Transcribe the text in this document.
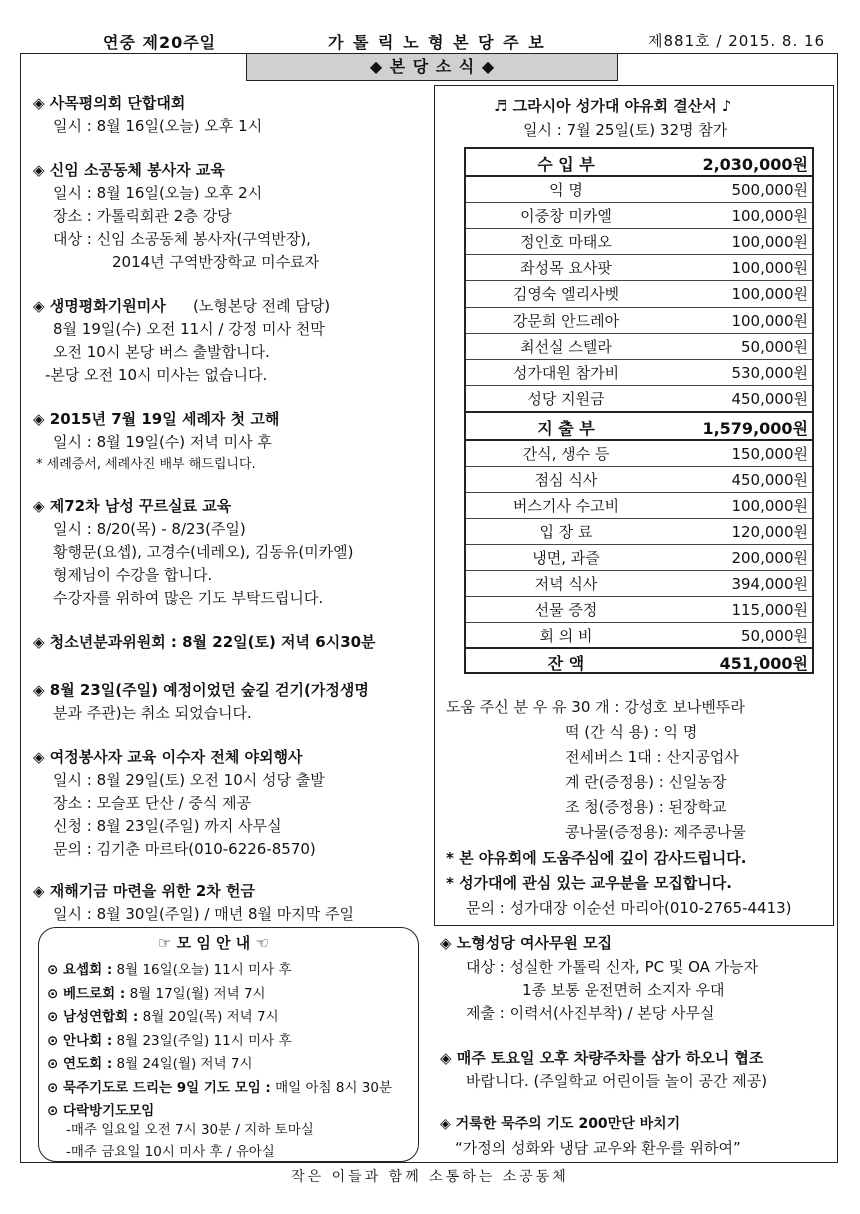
연중 제20주일	가 톨 릭 노 형 본 당 주 보	제881호 / 2015. 8. 16
◆ 본 당 소 식 ◆
◈ 사목평의회 단합대회
일시 : 8월 16일(오늘) 오후 1시
◈ 신임 소공동체 봉사자 교육
일시 : 8월 16일(오늘) 오후 2시
장소 : 가톨릭회관 2층 강당
대상 : 신임 소공동체 봉사자(구역반장),
2014년 구역반장학교 미수료자
◈ 생명평화기원미사 (노형본당 전례 담당)
8월 19일(수) 오전 11시 / 강정 미사 천막
오전 10시 본당 버스 출발합니다.
-본당 오전 10시 미사는 없습니다.
◈ 2015년 7월 19일 세례자 첫 고해
일시 : 8월 19일(수) 저녁 미사 후
* 세례증서, 세례사진 배부 해드립니다.
◈ 제72차 남성 꾸르실료 교육
일시 : 8/20(목) - 8/23(주일)
황행문(요셉), 고경수(네레오), 김동유(미카엘)
형제님이 수강을 합니다.
수강자를 위하여 많은 기도 부탁드립니다.
◈ 청소년분과위원회 : 8월 22일(토) 저녁 6시30분
◈ 8월 23일(주일) 예정이었던 숲길 걷기(가정생명
분과 주관)는 취소 되었습니다.
◈ 여정봉사자 교육 이수자 전체 야외행사
일시 : 8월 29일(토) 오전 10시 성당 출발
장소 : 모슬포 단산 / 중식 제공
신청 : 8월 23일(주일) 까지 사무실
문의 : 김기춘 마르타(010-6226-8570)
◈ 재해기금 마련을 위한 2차 헌금
일시 : 8월 30일(주일) / 매년 8월 마지막 주일
♬ 그라시아 성가대 야유회 결산서 ♪
일시 : 7월 25일(토) 32명 참가
수 입 부	2,030,000원
익 명	500,000원
이중창 미카엘	100,000원
정인호 마태오	100,000원
좌성목 요사팟	100,000원
김영숙 엘리사벳	100,000원
강문희 안드레아	100,000원
최선실 스텔라	50,000원
성가대원 참가비	530,000원
성당 지원금	450,000원
지 출 부	1,579,000원
간식, 생수 등	150,000원
점심 식사	450,000원
버스기사 수고비	100,000원
입 장 료	120,000원
냉면, 과즐	200,000원
저녁 식사	394,000원
선물 증정	115,000원
회 의 비	50,000원
잔 액	451,000원
도움 주신 분 우 유 30 개 : 강성호 보나벤뚜라
떡 (간 식 용) : 익 명
전세버스 1대 : 산지공업사
계 란(증정용) : 신일농장
조 청(증정용) : 된장학교
콩나물(증정용): 제주콩나물
* 본 야유회에 도움주심에 깊이 감사드립니다.
* 성가대에 관심 있는 교우분을 모집합니다.
문의 : 성가대장 이순선 마리아(010-2765-4413)
☞ 모 임 안 내 ☜
⊙ 요셉회 : 8월 16일(오늘) 11시 미사 후
⊙ 베드로회 : 8월 17일(월) 저녁 7시
⊙ 남성연합회 : 8월 20일(목) 저녁 7시
⊙ 안나회 : 8월 23일(주일) 11시 미사 후
⊙ 연도회 : 8월 24일(월) 저녁 7시
⊙ 묵주기도로 드리는 9일 기도 모임 : 매일 아침 8시 30분
⊙ 다락방기도모임
-매주 일요일 오전 7시 30분 / 지하 토마실
-매주 금요일 10시 미사 후 / 유아실
◈ 노형성당 여사무원 모집
대상 : 성실한 가톨릭 신자, PC 및 OA 가능자
1종 보통 운전면허 소지자 우대
제출 : 이력서(사진부착) / 본당 사무실
◈ 매주 토요일 오후 차량주차를 삼가 하오니 협조
바랍니다. (주일학교 어린이들 놀이 공간 제공)
◈ 거룩한 묵주의 기도 200만단 바치기
“가정의 성화와 냉담 교우와 환우를 위하여”
작은 이들과 함께 소통하는 소공동체
